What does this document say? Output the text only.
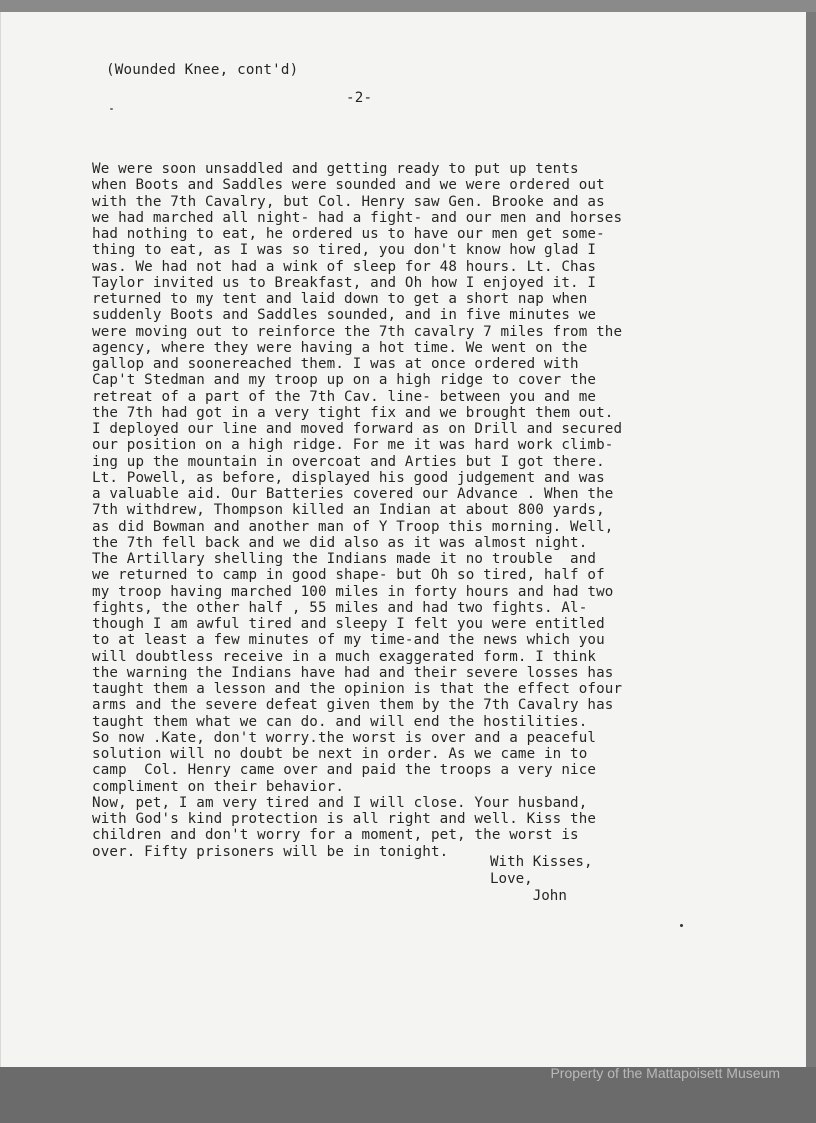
(Wounded Knee, cont'd)

-2-

We were soon unsaddled and getting ready to put up tents
when Boots and Saddles were sounded and we were ordered out
with the 7th Cavalry, but Col. Henry saw Gen. Brooke and as
we had marched all night- had a fight- and our men and horses
had nothing to eat, he ordered us to have our men get some-
thing to eat, as I was so tired, you don't know how glad I
was. We had not had a wink of sleep for 48 hours. Lt. Chas
Taylor invited us to Breakfast, and Oh how I enjoyed it. I
returned to my tent and laid down to get a short nap when
suddenly Boots and Saddles sounded, and in five minutes we
were moving out to reinforce the 7th cavalry 7 miles from the
agency, where they were having a hot time. We went on the
gallop and soonereached them. I was at once ordered with
Cap't Stedman and my troop up on a high ridge to cover the
retreat of a part of the 7th Cav. line- between you and me
the 7th had got in a very tight fix and we brought them out.
I deployed our line and moved forward as on Drill and secured
our position on a high ridge. For me it was hard work climb-
ing up the mountain in overcoat and Arties but I got there.
Lt. Powell, as before, displayed his good judgement and was
a valuable aid. Our Batteries covered our Advance . When the
7th withdrew, Thompson killed an Indian at about 800 yards,
as did Bowman and another man of Y Troop this morning. Well,
the 7th fell back and we did also as it was almost night.
The Artillary shelling the Indians made it no trouble  and
we returned to camp in good shape- but Oh so tired, half of
my troop having marched 100 miles in forty hours and had two
fights, the other half , 55 miles and had two fights. Al-
though I am awful tired and sleepy I felt you were entitled
to at least a few minutes of my time-and the news which you
will doubtless receive in a much exaggerated form. I think
the warning the Indians have had and their severe losses has
taught them a lesson and the opinion is that the effect ofour
arms and the severe defeat given them by the 7th Cavalry has
taught them what we can do. and will end the hostilities.
So now .Kate, don't worry.the worst is over and a peaceful
solution will no doubt be next in order. As we came in to
camp  Col. Henry came over and paid the troops a very nice
compliment on their behavior.
Now, pet, I am very tired and I will close. Your husband,
with God's kind protection is all right and well. Kiss the
children and don't worry for a moment, pet, the worst is
over. Fifty prisoners will be in tonight.
With Kisses,
Love,
John
Property of the Mattapoisett Museum
